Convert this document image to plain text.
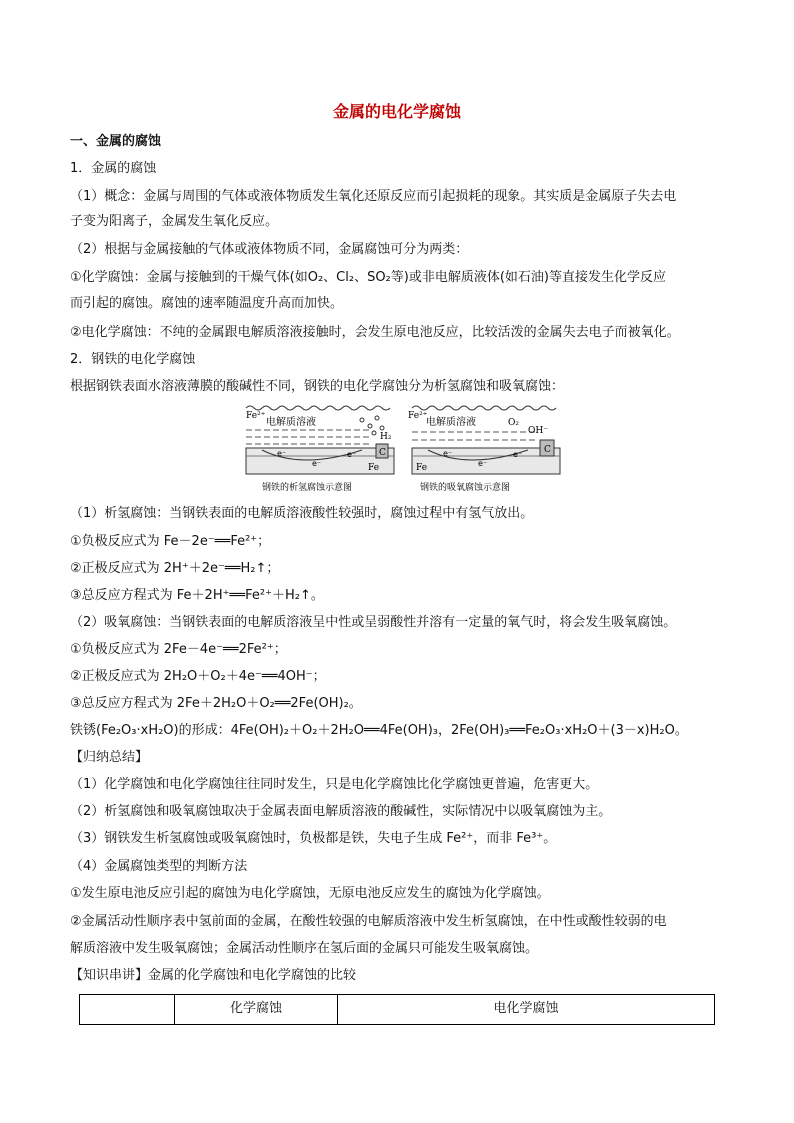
金属的电化学腐蚀
一、金属的腐蚀
1．金属的腐蚀
（1）概念：金属与周围的气体或液体物质发生氧化还原反应而引起损耗的现象。其实质是金属原子失去电
子变为阳离子，金属发生氧化反应。
（2）根据与金属接触的气体或液体物质不同，金属腐蚀可分为两类：
①化学腐蚀：金属与接触到的干燥气体(如O₂、Cl₂、SO₂等)或非电解质液体(如石油)等直接发生化学反应
而引起的腐蚀。腐蚀的速率随温度升高而加快。
②电化学腐蚀：不纯的金属跟电解质溶液接触时，会发生原电池反应，比较活泼的金属失去电子而被氧化。
2．钢铁的电化学腐蚀
根据钢铁表面水溶液薄膜的酸碱性不同，钢铁的电化学腐蚀分为析氢腐蚀和吸氧腐蚀：
C
Fe²⁺
电解质溶液
H₂
e⁻
e⁻
e⁻
Fe
钢铁的析氢腐蚀示意图
C
Fe²⁺
电解质溶液	O₂
OH⁻
e⁻
e⁻
e⁻
Fe
钢铁的吸氧腐蚀示意图
（1）析氢腐蚀：当钢铁表面的电解质溶液酸性较强时，腐蚀过程中有氢气放出。
①负极反应式为 Fe－2e⁻══Fe²⁺；
②正极反应式为 2H⁺＋2e⁻══H₂↑；
③总反应方程式为 Fe＋2H⁺══Fe²⁺＋H₂↑。
（2）吸氧腐蚀：当钢铁表面的电解质溶液呈中性或呈弱酸性并溶有一定量的氧气时，将会发生吸氧腐蚀。
①负极反应式为 2Fe－4e⁻══2Fe²⁺；
②正极反应式为 2H₂O＋O₂＋4e⁻══4OH⁻；
③总反应方程式为 2Fe＋2H₂O＋O₂══2Fe(OH)₂。
铁锈(Fe₂O₃·xH₂O)的形成：4Fe(OH)₂＋O₂＋2H₂O══4Fe(OH)₃，2Fe(OH)₃══Fe₂O₃·xH₂O＋(3－x)H₂O。
【归纳总结】
（1）化学腐蚀和电化学腐蚀往往同时发生，只是电化学腐蚀比化学腐蚀更普遍，危害更大。
（2）析氢腐蚀和吸氧腐蚀取决于金属表面电解质溶液的酸碱性，实际情况中以吸氧腐蚀为主。
（3）钢铁发生析氢腐蚀或吸氧腐蚀时，负极都是铁，失电子生成 Fe²⁺，而非 Fe³⁺。
（4）金属腐蚀类型的判断方法
①发生原电池反应引起的腐蚀为电化学腐蚀，无原电池反应发生的腐蚀为化学腐蚀。
②金属活动性顺序表中氢前面的金属，在酸性较强的电解质溶液中发生析氢腐蚀，在中性或酸性较弱的电
解质溶液中发生吸氧腐蚀；金属活动性顺序在氢后面的金属只可能发生吸氧腐蚀。
【知识串讲】金属的化学腐蚀和电化学腐蚀的比较
	化学腐蚀	电化学腐蚀
